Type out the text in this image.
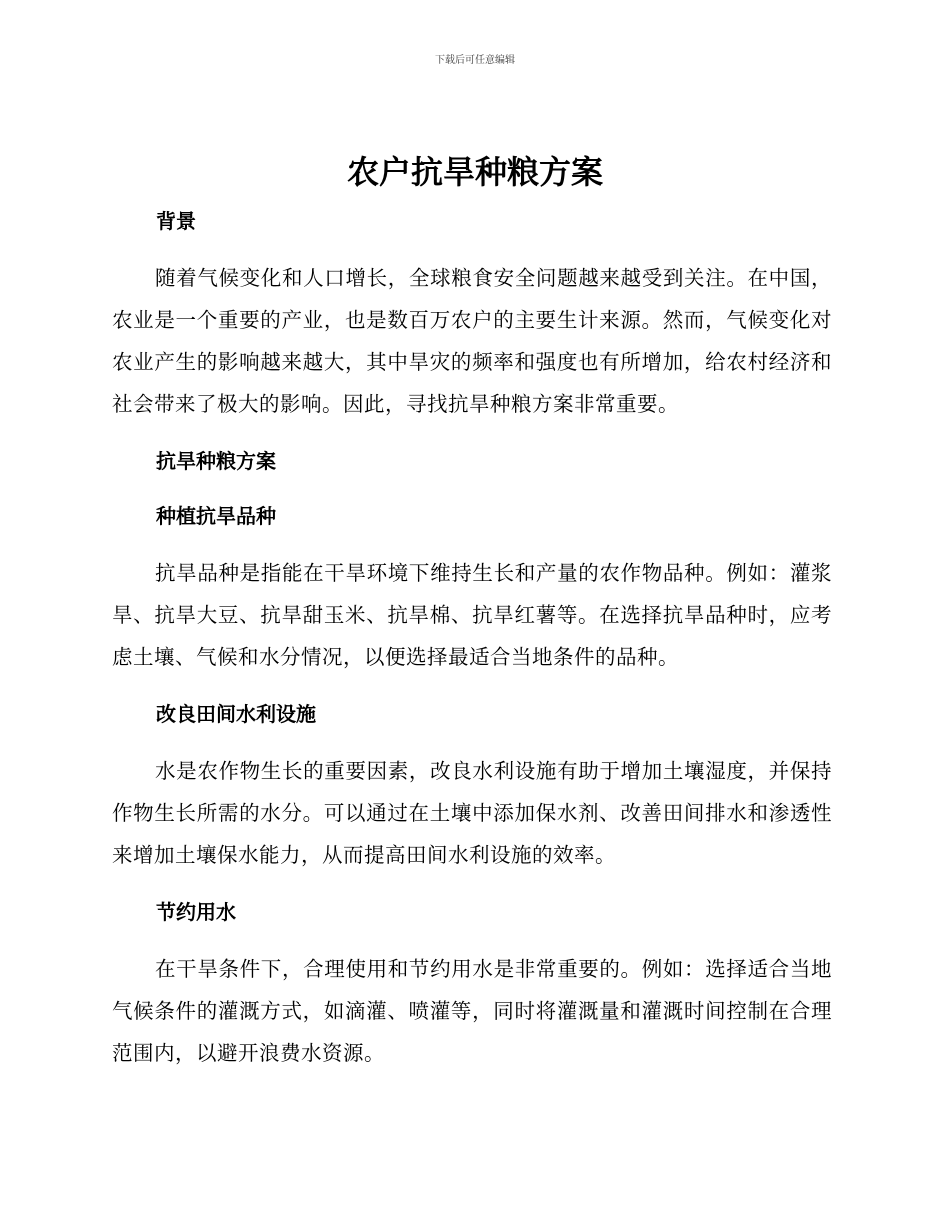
下载后可任意编辑
农户抗旱种粮方案
背景

随着气候变化和人口增长，全球粮食安全问题越来越受到关注。在中国，农业是一个重要的产业，也是数百万农户的主要生计来源。然而，气候变化对农业产生的影响越来越大，其中旱灾的频率和强度也有所增加，给农村经济和社会带来了极大的影响。因此，寻找抗旱种粮方案非常重要。

抗旱种粮方案
种植抗旱品种

抗旱品种是指能在干旱环境下维持生长和产量的农作物品种。例如：灌浆旱、抗旱大豆、抗旱甜玉米、抗旱棉、抗旱红薯等。在选择抗旱品种时，应考虑土壤、气候和水分情况，以便选择最适合当地条件的品种。

改良田间水利设施

水是农作物生长的重要因素，改良水利设施有助于增加土壤湿度，并保持作物生长所需的水分。可以通过在土壤中添加保水剂、改善田间排水和渗透性来增加土壤保水能力，从而提高田间水利设施的效率。

节约用水

在干旱条件下，合理使用和节约用水是非常重要的。例如：选择适合当地气候条件的灌溉方式，如滴灌、喷灌等，同时将灌溉量和灌溉时间控制在合理范围内，以避开浪费水资源。
